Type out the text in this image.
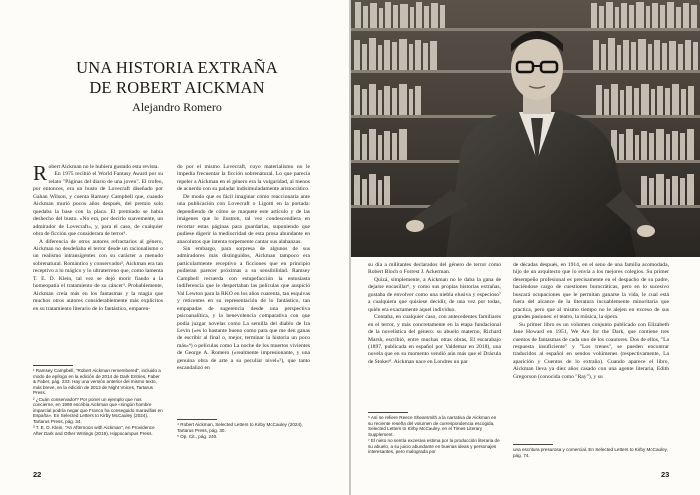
UNA HISTORIA EXTRAÑA
DE ROBERT AICKMAN
Alejandro Romero

Robert Aickman no le hubiera gustado esta revista.

En 1975 recibió el World Fantasy Award por su relato "Páginas del diario de una joven". El trofeo, por entonces, era un busto de Lovecraft diseñado por Gahan Wilson, y cuenta Ramsey Campbell que, cuando Aickman murió pocos años después, del premio solo quedaba la base con la placa. El premiado se había deshecho del busto. «No era, por decirlo suavemente, un admirador de Lovecraft», y, para el caso, de cualquier obra de ficción que considerara de terror¹.

A diferencia de otros autores refractarios al género, Aickman no desdeñaba el terror desde un racionalismo o un realismo intransigentes con su carácter a menudo sobrenatural. Romántico y conservador², Aickman era tan receptivo a lo mágico y lo ultraterreno que, como lamenta T. E. D. Klein, tal vez se dejó morir fiando a la homeopatía el tratamiento de su cáncer³. Probablemente, Aickman creía más en los fantasmas y la magia que muchos otros autores considerablemente más explícitos en su tratamiento literario de lo fantástico, emparen-

¹ Ramsey Campbell, "Robert Aickman remembered", incluido a modo de epílogo en la edición de 2014 de Dark Entries, Faber & Faber, pág. 233. Hay una versión anterior del mismo texto, más breve, en la edición de 2013 de Night Voices, Tartarus Press.

² ¿Cuán conservador? Por poner un ejemplo que nos concierne, en 1969 escribía Aickman que «ningún hombre imparcial podría negar que Franco ha conseguido maravillas en España». En Selected Letters to Kirby McCauley (2024), Tartarus Press, pág. 34.

³ T. E. D. Klein, "An Afternoon with Aickman", en Providence After Dark and Other Writings (2019), Hippocampus Press.

do por el mismo Lovecraft, cuyo materialismo no le impedía frecuentar la ficción sobrenatural. Lo que parecía repeler a Aickman en el género era la vulgaridad, al menos de acuerdo con su paladar indisimuladamente aristocrático.

De modo que es fácil imaginar cómo reaccionaría ante una publicación con Lovecraft o Ligotti en la portada: dependiendo de cómo se maquete este artículo y de las imágenes que lo ilustren, tal vez condescendiera en recortar estas páginas para guardarlas, suponiendo que pudiese digerir la mediocridad de esta prosa abundante en anacolutos que intenta torpemente cantar sus alabanzas.

Sin embargo, para sorpresa de algunos de sus admiradores más distinguidos, Aickman tampoco era particularmente receptivo a ficciones que en principio pudieran parecer próximas a su sensibilidad. Ramsey Campbell recuerda con estupefacción la entusiasta indiferencia que le despertaban las películas que auspició Val Lewton para la RKO en los años cuarenta, tan esquivas y reticentes en su representación de lo fantástico, tan empapadas de sugerencia desde una perspectiva psicoanalítica, y la benevolencia comparativa con que podía juzgar novelas como La semilla del diablo de Ira Levin («es lo bastante bueno como para que me den ganas de escribir al final o, mejor, terminar la historia un poco más»⁴) o películas como La noche de los muertos vivientes de George A. Romero («realmente impresionante, y una genuina obra de arte a su peculiar nivel»⁵), que tanto escandalizó en

⁴ Robert Aickman, Selected Letters to Kirby McCauley (2024), Tartarus Press, pág. 30.

⁵ Op. Cit., pág. 240.

22

su día a militantes declarados del género de terror como Robert Bloch o Forrest J. Ackerman.

Quizá, simplemente, a Aickman no le daba la gana de dejarse encasillar⁶, y como sus propias historias extrañas, gustaba de envolver como una niebla elusiva y especioso⁷ a cualquiera que quisiese decidir, de una vez por todas, quién era exactamente aquel individuo.

Contaba, en cualquier caso, con antecedentes familiares en el terror, y más concretamente en la etapa fundacional de la novelística del género: su abuelo materno, Richard Marsh, escribió, entre muchas otras obras, El escarabajo (1897, publicada en español por Valdemar en 2018), una novela que en su momento vendió aún más que el Drácula de Stoker⁸. Aickman nace en Londres un par

⁶ Así se refiere Reece Shearsmith a la narrativa de Aickman en su reciente reseña del volumen de correspondencia escogida, Selected Letters to Kirby McCauley, en el Times Literary Supplement.

⁷ El nieto no sentía excesiva estima por la producción literaria de su abuelo, a su juicio abundante en buenas ideas y personajes interesantes, pero malograda por

de décadas después, en 1914, en el seno de una familia acomodada, hijo de un arquitecto que lo envía a los mejores colegios. Su primer desempeño profesional es precisamente en el despacho de su padre, haciéndose cargo de cuestiones burocráticas, pero en lo sucesivo buscará ocupaciones que le permitan ganarse la vida, le cual está fuera del alcance de la literatura incuablemente minoritaria que practica, pero que al mismo tiempo no le alejen en exceso de sus grandes pasiones: el teatro, la música, la ópera.

Su primer libro es un volumen conjunto publicado con Elizabeth Jane Howard en 1951, We Are for the Dark, que contiene tres cuentos de fantasmas de cada uno de los coautores. Dos de ellos, "La respuesta insuficiente" y "Los trenes", se pueden encontrar traducidos al español en sendos volúmenes (respectivamente, La aparición y Cuentos de lo extraño). Cuando aparece el libro, Aickman lleva ya diez años casado con una agente literaria, Edith Gregorson (conocida como "Ray"), y su

una escritura presurosa y comercial. En Selected Letters to Kirby McCauley, pág. 74.

23
